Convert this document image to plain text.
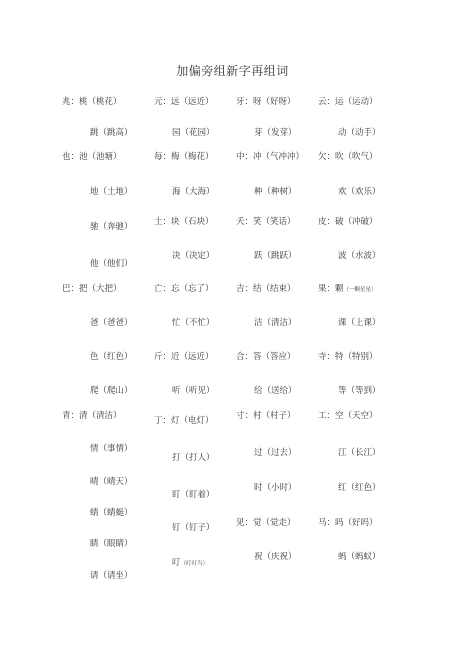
加偏旁组新字再组词
兆：桃（桃花）
跳（跳高）
也：池（池塘）
地（土地）
驰（奔驰）
他（他们）
巴：把（大把）
爸（爸爸）
色（红色）
爬（爬山）
青：清（清洁）
情（事情）
晴（晴天）
蜻（蜻蜓）
睛（眼睛）
请（请坐）
元：远（远近）
园（花园）
每：梅（梅花）
海（大海）
土：块（石块）
决（决定）
亡：忘（忘了）
忙（不忙）
斤：近（远近）
听（听见）
丁：灯（电灯）
打（打人）
盯（盯着）
钉（钉子）
叮（叮叮当）
牙：呀（好呀）
芽（发芽）
中：冲（气冲冲）
种（种树）
夭：笑（笑话）
跃（跳跃）
吉：结（结束）
洁（清洁）
合：答（答应）
给（送给）
寸：村（村子）
过（过去）
时（小时）
见：觉（觉走）
祝（庆祝）
云：运（运动）
动（动手）
欠：吹（吹气）
欢（欢乐）
皮：破（冲破）
波（水波）
果：颗（一颗星星）
课（上课）
寺：特（特别）
等（等到）
工：空（天空）
江（长江）
红（红色）
马：吗（好吗）
蚂（蚂蚁）
